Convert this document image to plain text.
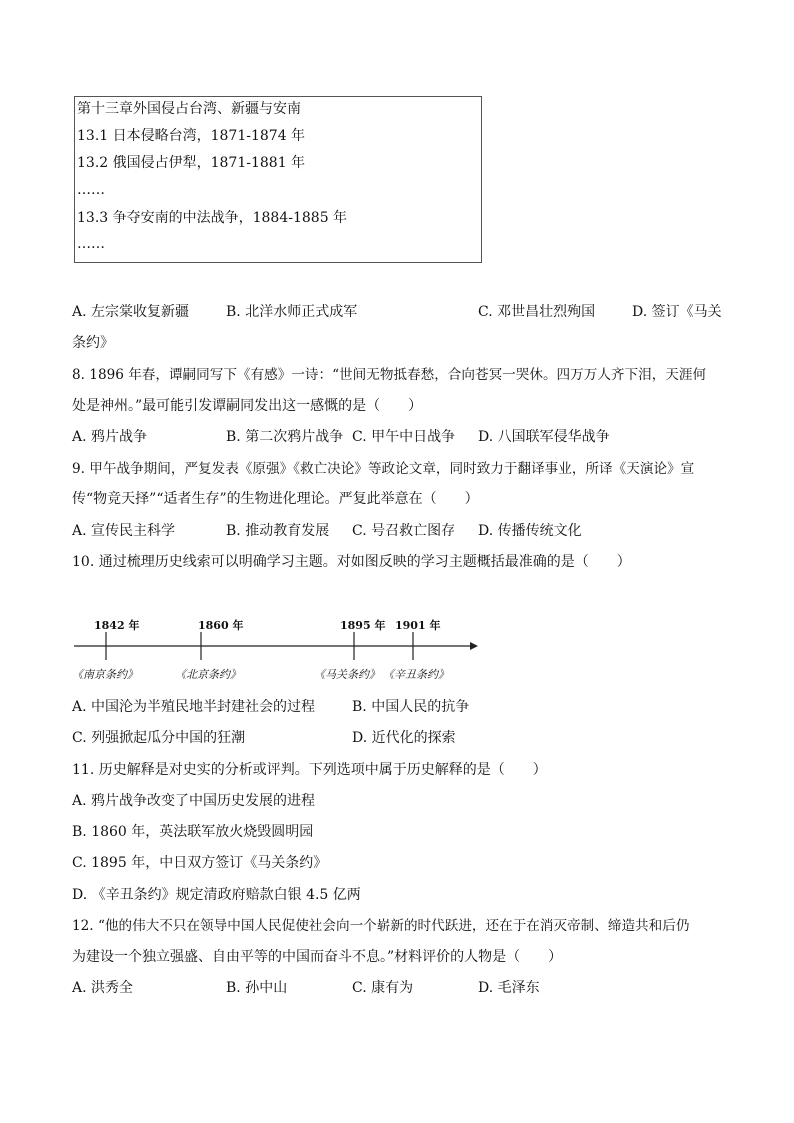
第十三章外国侵占台湾、新疆与安南
13.1 日本侵略台湾，1871-1874 年
13.2 俄国侵占伊犁，1871-1881 年
……
13.3 争夺安南的中法战争，1884-1885 年
……
A. 左宗棠收复新疆	B. 北洋水师正式成军	C. 邓世昌壮烈殉国	D. 签订《马关
条约》
8. 1896 年春，谭嗣同写下《有感》一诗：“世间无物抵春愁，合向苍冥一哭休。四万万人齐下泪，天涯何
处是神州。”最可能引发谭嗣同发出这一感慨的是（　　）
A. 鸦片战争	B. 第二次鸦片战争 C. 甲午中日战争 D. 八国联军侵华战争
9. 甲午战争期间，严复发表《原强》《救亡决论》等政论文章，同时致力于翻译事业，所译《天演论》宣
传“物竞天择”“适者生存”的生物进化理论。严复此举意在（　　）
A. 宣传民主科学	B. 推动教育发展 C. 号召救亡图存 D. 传播传统文化
10. 通过梳理历史线索可以明确学习主题。对如图反映的学习主题概括最准确的是（　　）
1842 年	1860 年	1895 年 1901 年
《南京条约》	《北京条约》	《马关条约》 《辛丑条约》
A. 中国沦为半殖民地半封建社会的过程	B. 中国人民的抗争
C. 列强掀起瓜分中国的狂潮	D. 近代化的探索
11. 历史解释是对史实的分析或评判。下列选项中属于历史解释的是（　　）
A. 鸦片战争改变了中国历史发展的进程
B. 1860 年，英法联军放火烧毁圆明园
C. 1895 年，中日双方签订《马关条约》
D. 《辛丑条约》规定清政府赔款白银 4.5 亿两
12. “他的伟大不只在领导中国人民促使社会向一个崭新的时代跃进，还在于在消灭帝制、缔造共和后仍
为建设一个独立强盛、自由平等的中国而奋斗不息。”材料评价的人物是（　　）
A. 洪秀全	B. 孙中山	C. 康有为	D. 毛泽东
